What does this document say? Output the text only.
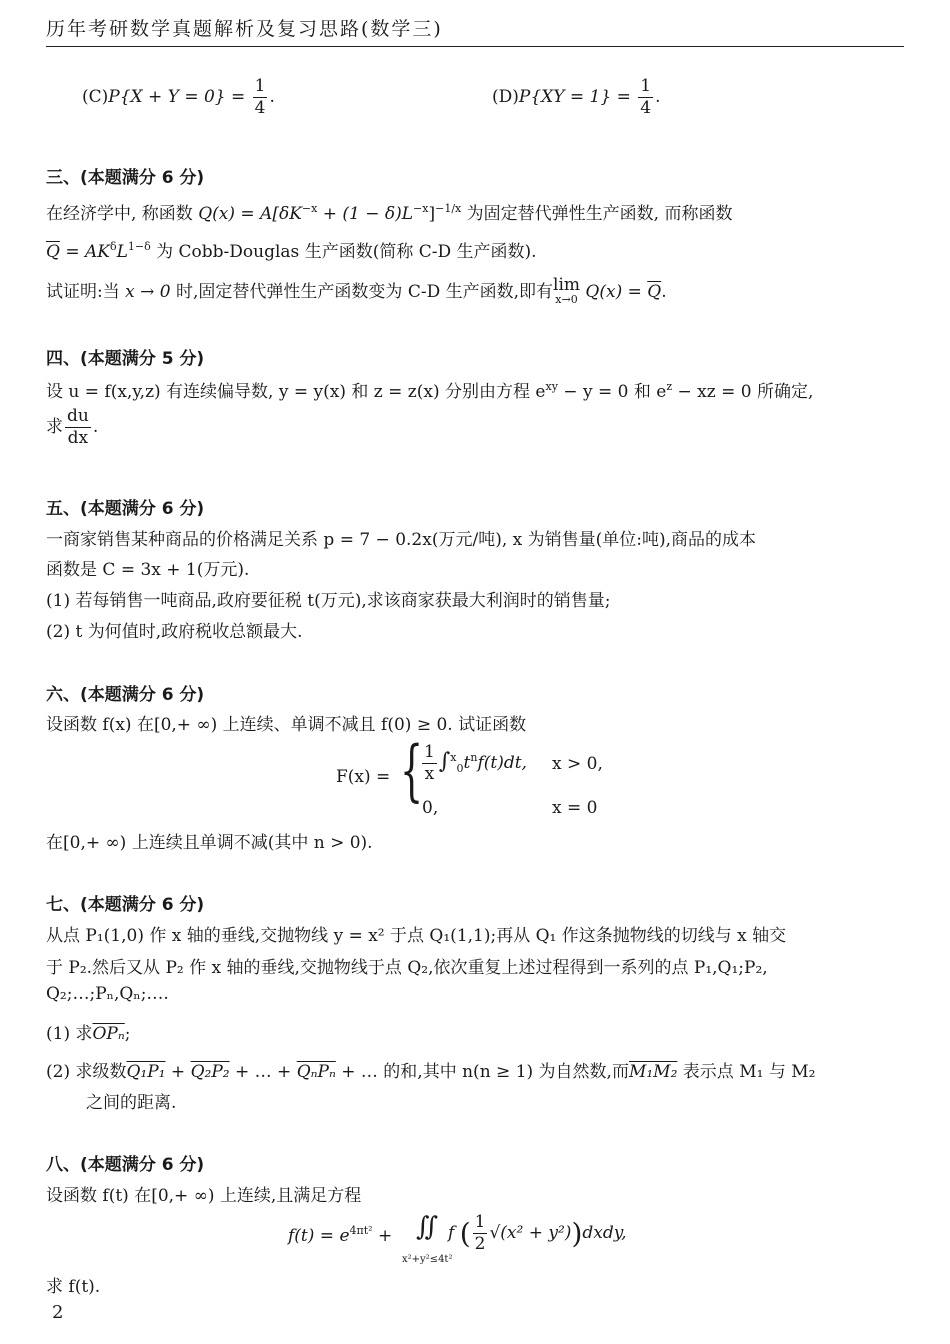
历年考研数学真题解析及复习思路(数学三)
$(C)P\{X + Y = 0\} = \frac{1}{4}$ .	$(D)P\{XY = 1\} = \frac{1}{4}$ .
三、(本题满分 6 分)
在经济学中, 称函数 $Q(x) = A[\delta K^{-x} + (1 - \delta)L^{-x}]^{-1/x}$ 为固定替代弹性生产函数, 而称函数
$\overline{Q} = AK^\delta L^{1-\delta}$ 为 Cobb-Douglas 生产函数(简称 C-D 生产函数).
试证明:当 x → 0 时,固定替代弹性生产函数变为 C-D 生产函数,即有lim
x→0 $Q(x) = \overline{Q}$.
四、(本题满分 5 分)
设 u = f(x,y,z) 有连续偏导数, y = y(x) 和 z = z(x) 分别由方程 $e^{xy} - y = 0$ 和 $e^z$ − xz = 0 所确定,
求 $\frac{du}{dx}$ .
五、(本题满分 6 分)
一商家销售某种商品的价格满足关系 p = 7 − 0.2x(万元/吨), x 为销售量(单位:吨),商品的成本
函数是 C = 3x + 1(万元).
(1) 若每销售一吨商品,政府要征税 t(万元),求该商家获最大利润时的销售量;
(2) t 为何值时,政府税收总额最大.
六、(本题满分 6 分)
设函数 f(x) 在[0,+ ∞) 上连续、单调不减且 f(0) ≥ 0. 试证函数
F(x) = {
$\frac{1}{x} \int^x_0t^nf(t)dt$, x > 0,
0,	x = 0
在[0,+ ∞) 上连续且单调不减(其中 n > 0).
七、(本题满分 6 分)
从点 P₁(1,0) 作 x 轴的垂线,交抛物线 y = x² 于点 Q₁(1,1);再从 Q₁ 作这条抛物线的切线与 x 轴交
于 P₂.然后又从 P₂ 作 x 轴的垂线,交抛物线于点 Q₂,依次重复上述过程得到一系列的点 P₁,Q₁;P₂,
Q₂;…;Pₙ,Qₙ;….
(1) 求$\overline{OP_n}$;
(2) 求级数Q₁P₁ + Q₂P₂ + … + QₙPₙ + … 的和,其中 n(n ≥ 1) 为自然数,而M₁M₂ 表示点 M₁ 与 M₂
之间的距离.
八、(本题满分 6 分)
设函数 f(t) 在[0,+ ∞) 上连续,且满足方程
$f(t) = e^{4\pi t^2}$ + ∬
x²+y²≤4t²
f ( $\frac{1}{2} √(x^2$ + y²))dxdy,
求 f(t).
2
